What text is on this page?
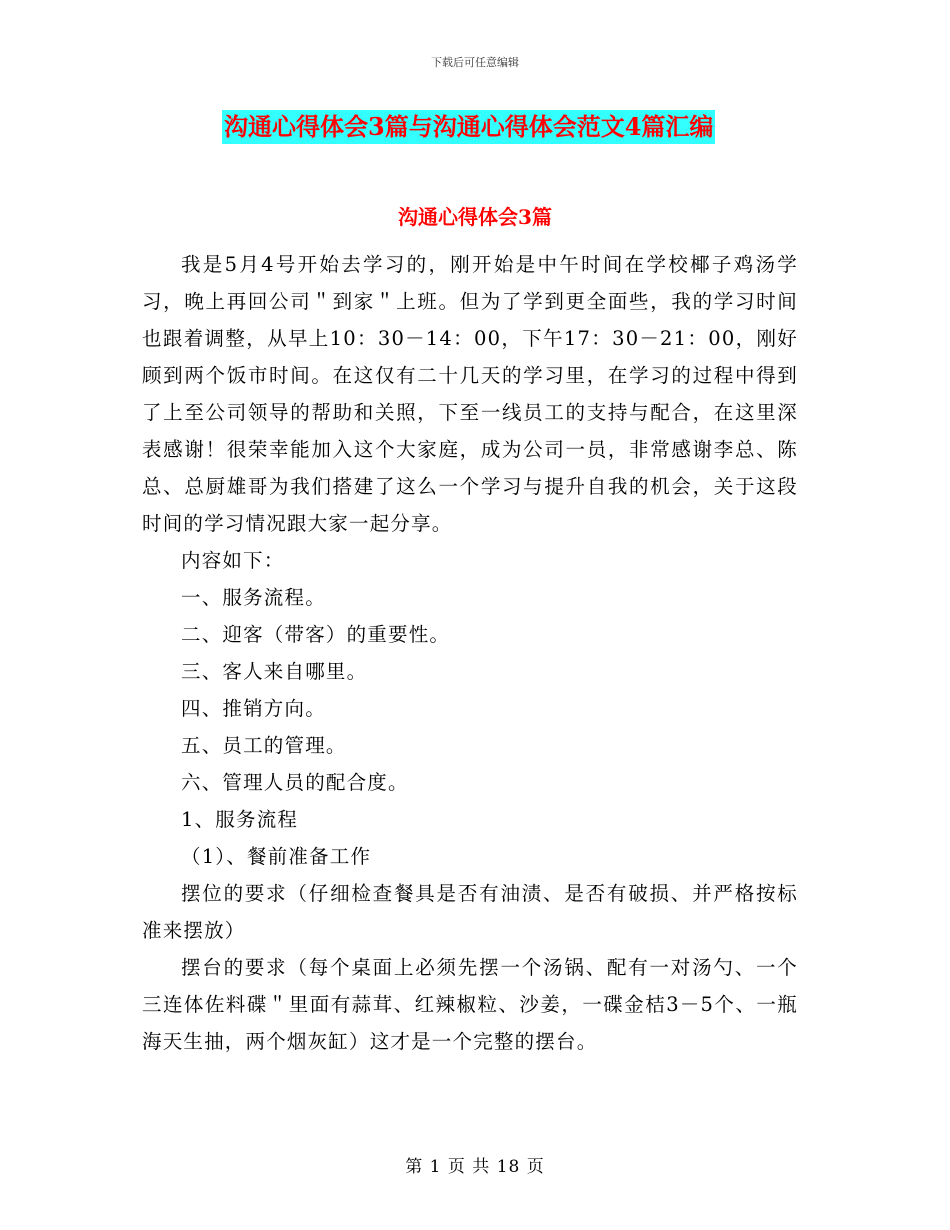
下载后可任意编辑
沟通心得体会3篇与沟通心得体会范文4篇汇编
沟通心得体会3篇

我是5月4号开始去学习的，刚开始是中午时间在学校椰子鸡汤学习，晚上再回公司＂到家＂上班。但为了学到更全面些，我的学习时间也跟着调整，从早上10：30－14：00，下午17：30－21：00，刚好顾到两个饭市时间。在这仅有二十几天的学习里，在学习的过程中得到了上至公司领导的帮助和关照，下至一线员工的支持与配合，在这里深表感谢！很荣幸能加入这个大家庭，成为公司一员，非常感谢李总、陈总、总厨雄哥为我们搭建了这么一个学习与提升自我的机会，关于这段时间的学习情况跟大家一起分享。

内容如下：

一、服务流程。

二、迎客（带客）的重要性。

三、客人来自哪里。

四、推销方向。

五、员工的管理。

六、管理人员的配合度。

1、服务流程

（1）、餐前准备工作

摆位的要求（仔细检查餐具是否有油渍、是否有破损、并严格按标准来摆放）

摆台的要求（每个桌面上必须先摆一个汤锅、配有一对汤勺、一个三连体佐料碟＂里面有蒜茸、红辣椒粒、沙姜，一碟金桔3－5个、一瓶海天生抽，两个烟灰缸）这才是一个完整的摆台。

第 1 页 共 18 页
